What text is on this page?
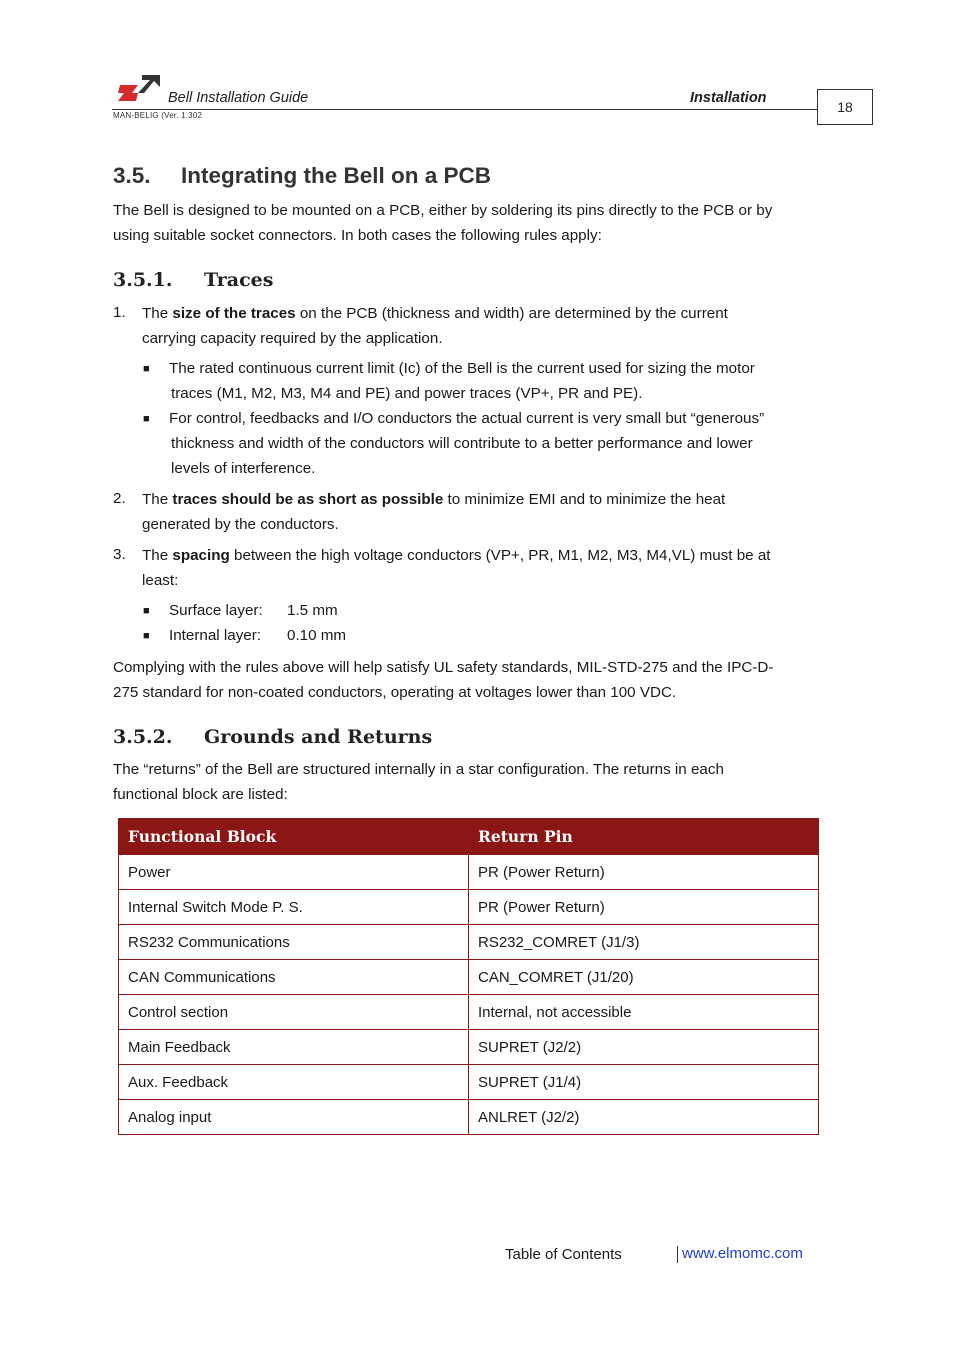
Bell Installation Guide	Installation
MAN-BELIG (Ver. 1.302
18
3.5. Integrating the Bell on a PCB
The Bell is designed to be mounted on a PCB, either by soldering its pins directly to the PCB or by
using suitable socket connectors. In both cases the following rules apply:
3.5.1. Traces
1. The size of the traces on the PCB (thickness and width) are determined by the current
carrying capacity required by the application.
■ The rated continuous current limit (Ic) of the Bell is the current used for sizing the motor
traces (M1, M2, M3, M4 and PE) and power traces (VP+, PR and PE).
■ For control, feedbacks and I/O conductors the actual current is very small but “generous”
thickness and width of the conductors will contribute to a better performance and lower
levels of interference.
2. The traces should be as short as possible to minimize EMI and to minimize the heat
generated by the conductors.
3. The spacing between the high voltage conductors (VP+, PR, M1, M2, M3, M4,VL) must be at
least:
■ Surface layer: 1.5 mm
■ Internal layer: 0.10 mm
Complying with the rules above will help satisfy UL safety standards, MIL-STD-275 and the IPC-D-
275 standard for non-coated conductors, operating at voltages lower than 100 VDC.
3.5.2. Grounds and Returns
The “returns” of the Bell are structured internally in a star configuration. The returns in each
functional block are listed:
Functional Block	Return Pin
Power	PR (Power Return)
Internal Switch Mode P. S.	PR (Power Return)
RS232 Communications	RS232_COMRET (J1/3)
CAN Communications	CAN_COMRET (J1/20)
Control section	Internal, not accessible
Main Feedback	SUPRET (J2/2)
Aux. Feedback	SUPRET (J1/4)
Analog input	ANLRET (J2/2)
Table of Contents	www.elmomc.com
